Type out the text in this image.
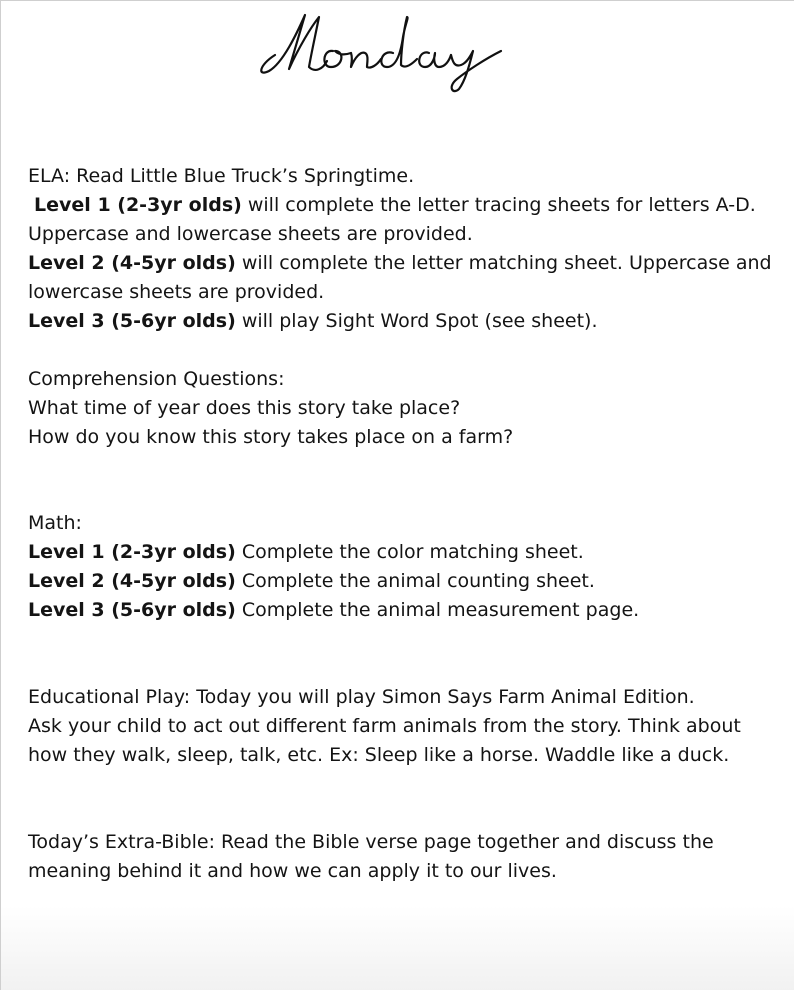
ELA: Read Little Blue Truck’s Springtime.
Level 1 (2-3yr olds) will complete the letter tracing sheets for letters A-D.
Uppercase and lowercase sheets are provided.
Level 2 (4-5yr olds) will complete the letter matching sheet. Uppercase and
lowercase sheets are provided.
Level 3 (5-6yr olds) will play Sight Word Spot (see sheet).
Comprehension Questions:
What time of year does this story take place?
How do you know this story takes place on a farm?
Math:
Level 1 (2-3yr olds) Complete the color matching sheet.
Level 2 (4-5yr olds) Complete the animal counting sheet.
Level 3 (5-6yr olds) Complete the animal measurement page.
Educational Play: Today you will play Simon Says Farm Animal Edition.
Ask your child to act out different farm animals from the story. Think about
how they walk, sleep, talk, etc. Ex: Sleep like a horse. Waddle like a duck.
Today’s Extra-Bible: Read the Bible verse page together and discuss the
meaning behind it and how we can apply it to our lives.
